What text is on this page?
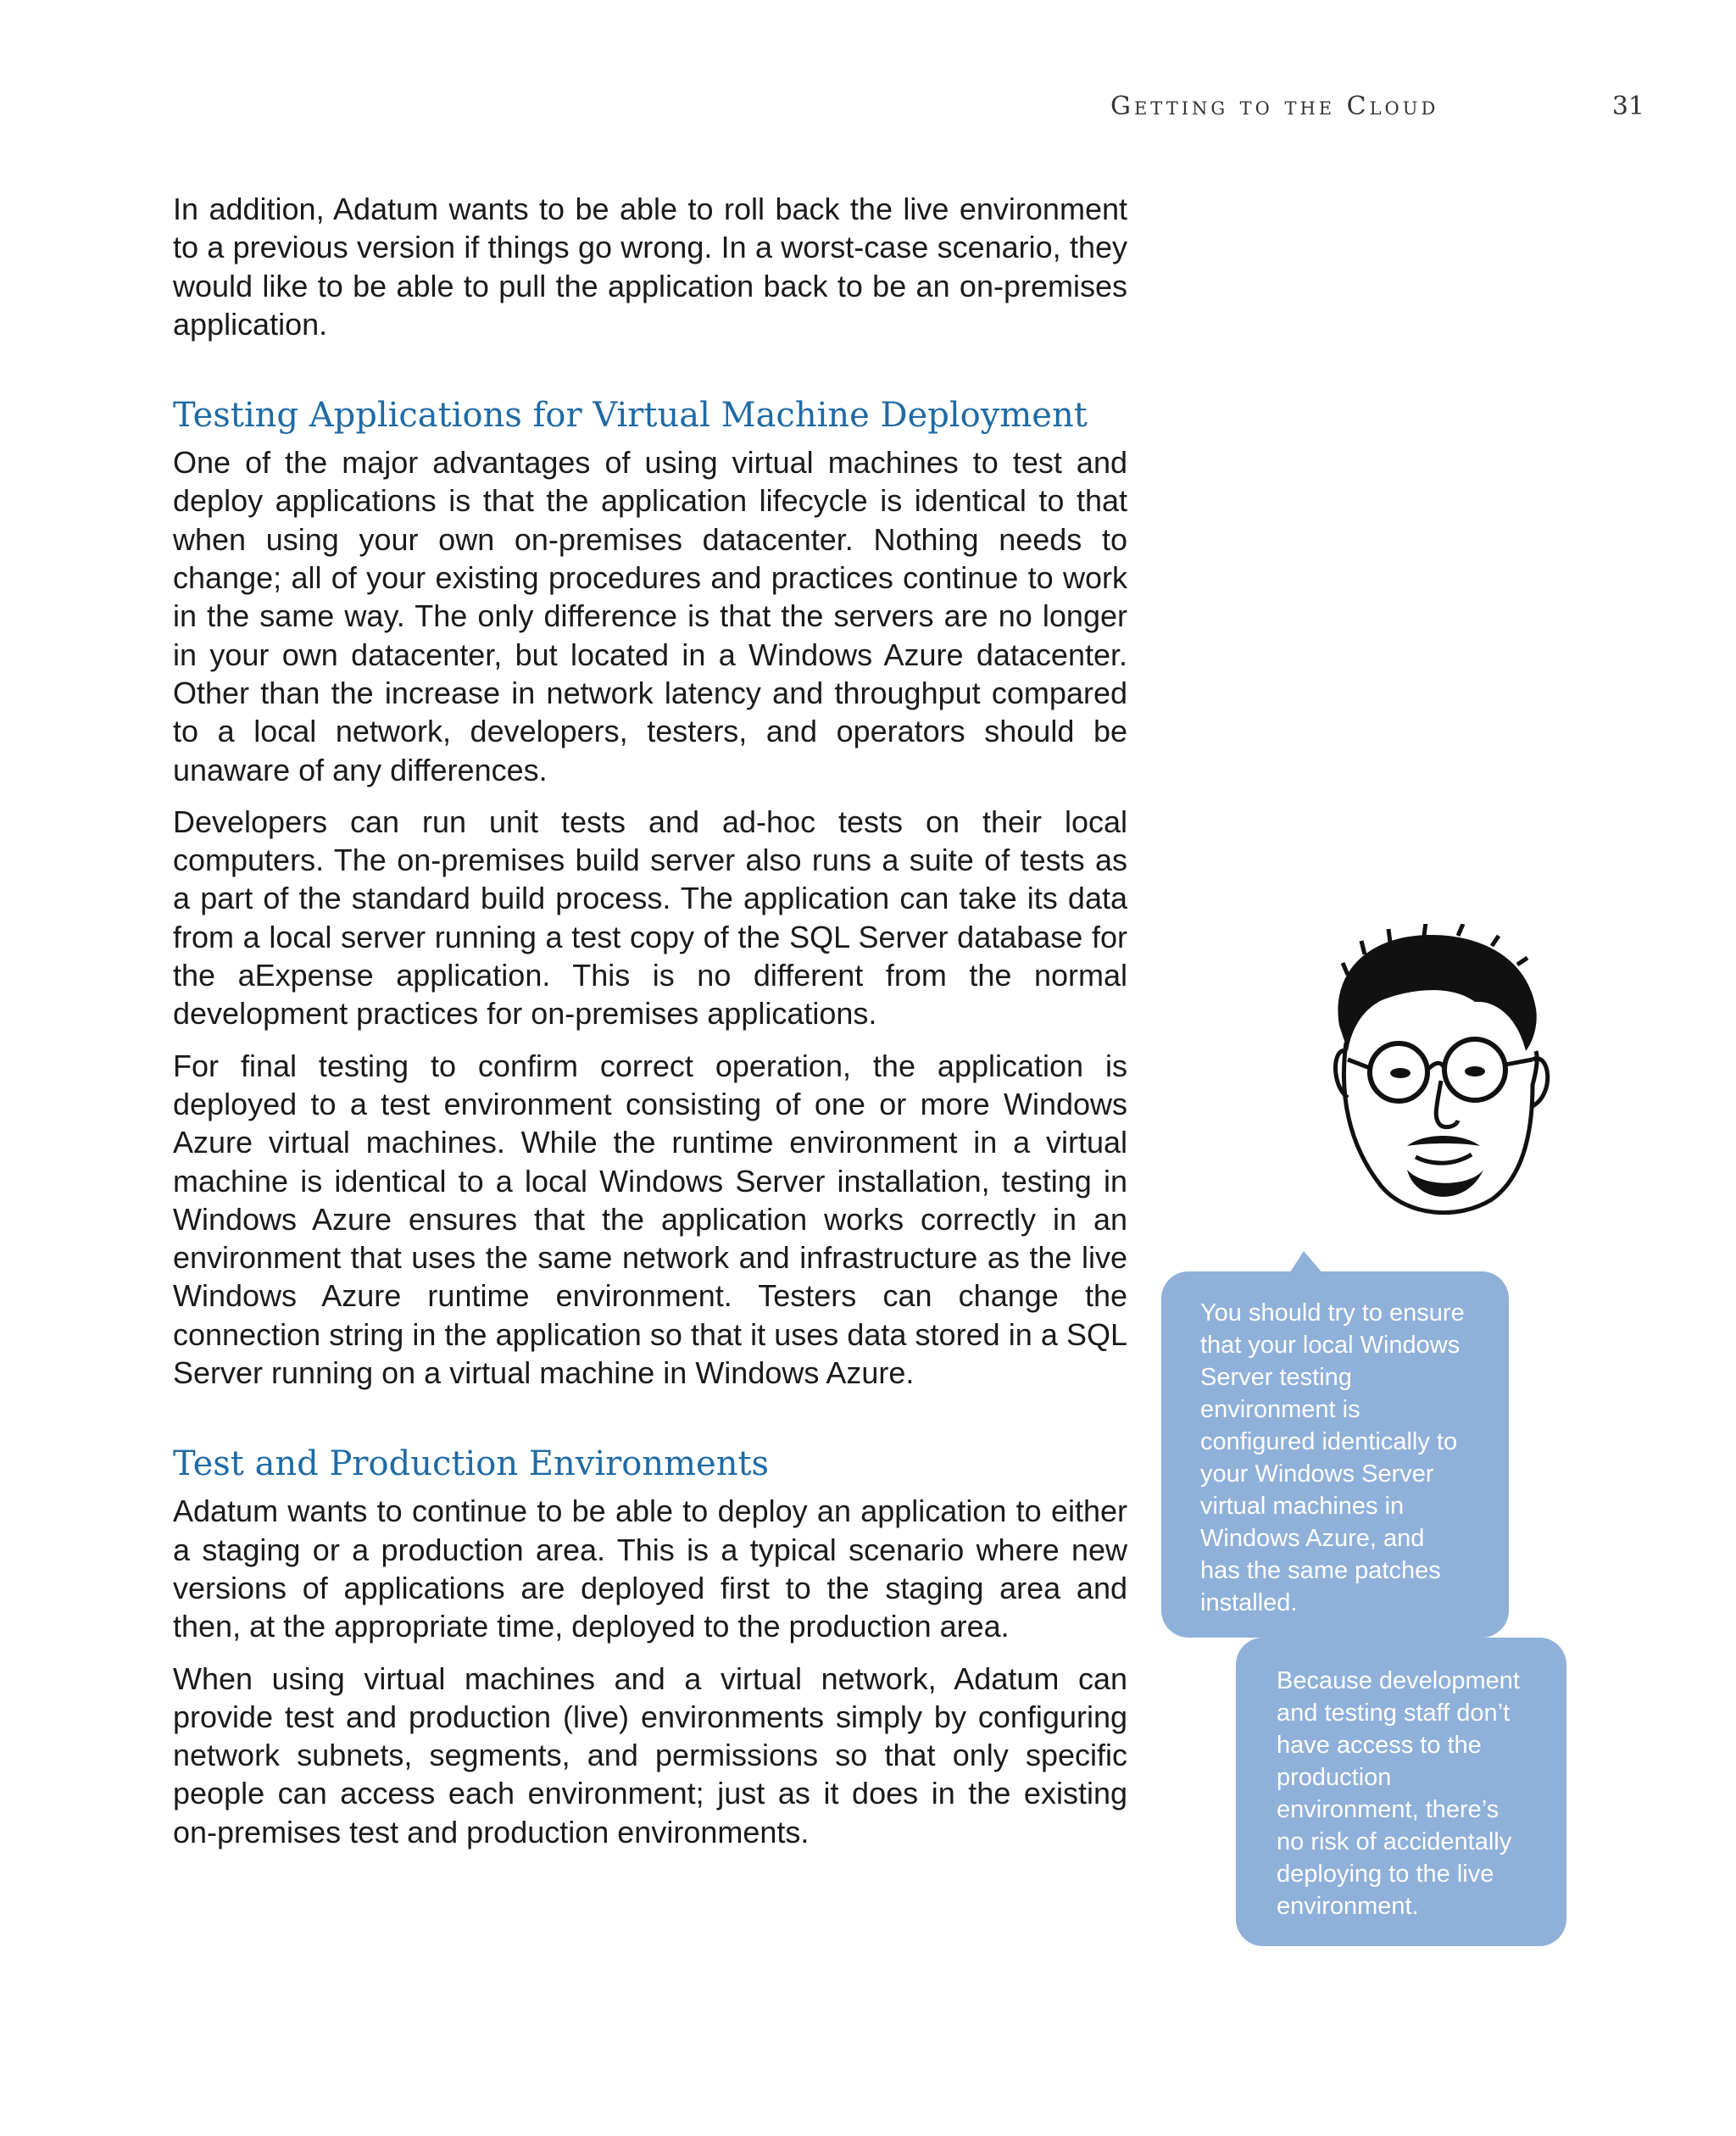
Getting to the Cloud	31

In addition, Adatum wants to be able to roll back the live environment to a previous version if things go wrong. In a worst-case scenario, they would like to be able to pull the application back to be an on-premises application.

Testing Applications for Virtual Machine Deployment

One of the major advantages of using virtual machines to test and deploy applications is that the application lifecycle is identical to that when using your own on-premises datacenter. Nothing needs to change; all of your existing procedures and practices continue to work in the same way. The only difference is that the servers are no longer in your own datacenter, but located in a Windows Azure datacenter. Other than the increase in network latency and throughput compared to a local network, developers, testers, and operators should be unaware of any differences.

Developers can run unit tests and ad-hoc tests on their local computers. The on-premises build server also runs a suite of tests as a part of the standard build process. The application can take its data from a local server running a test copy of the SQL Server database for the aExpense application. This is no different from the normal development practices for on-premises applications.

For final testing to confirm correct operation, the application is deployed to a test environment consisting of one or more Windows Azure virtual machines. While the runtime environment in a virtual machine is identical to a local Windows Server installation, testing in Windows Azure ensures that the application works correctly in an environment that uses the same network and infrastructure as the live Windows Azure runtime environment. Testers can change the connection string in the application so that it uses data stored in a SQL Server running on a virtual machine in Windows Azure.

Test and Production Environments

Adatum wants to continue to be able to deploy an application to either a staging or a production area. This is a typical scenario where new versions of applications are deployed first to the staging area and then, at the appropriate time, deployed to the production area.

When using virtual machines and a virtual network, Adatum can provide test and production (live) environments simply by configuring network subnets, segments, and permissions so that only specific people can access each environment; just as it does in the existing on-premises test and production environments.

You should try to ensure that your local Windows Server testing environment is configured identically to your Windows Server virtual machines in Windows Azure, and has the same patches installed.
Because development and testing staff don’t have access to the production environment, there’s no risk of accidentally deploying to the live environment.
